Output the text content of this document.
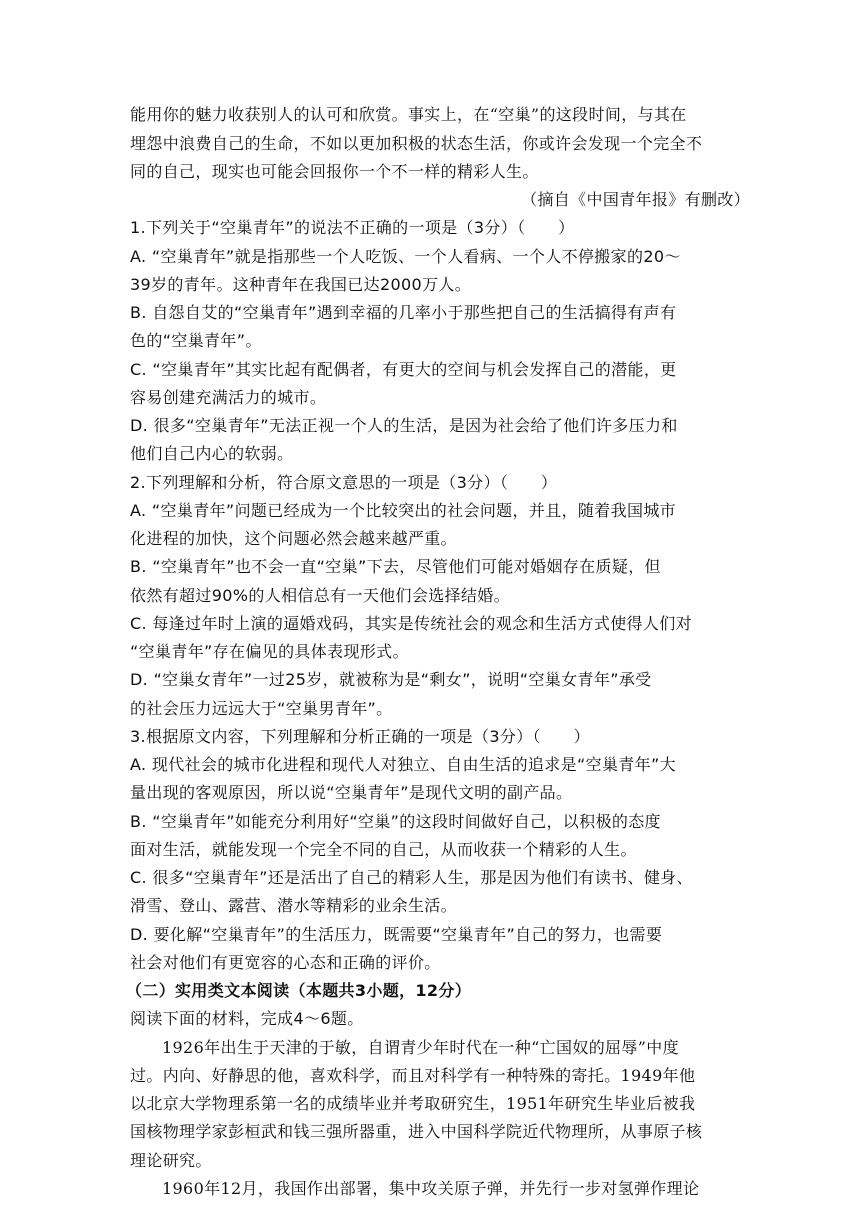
能用你的魅力收获别人的认可和欣赏。事实上，在“空巢”的这段时间，与其在
埋怨中浪费自己的生命，不如以更加积极的状态生活，你或许会发现一个完全不
同的自己，现实也可能会回报你一个不一样的精彩人生。
（摘自《中国青年报》有删改）
1.下列关于“空巢青年”的说法不正确的一项是（3分）（　　）
A. “空巢青年”就是指那些一个人吃饭、一个人看病、一个人不停搬家的20～
39岁的青年。这种青年在我国已达2000万人。
B. 自怨自艾的“空巢青年”遇到幸福的几率小于那些把自己的生活搞得有声有
色的“空巢青年”。
C. “空巢青年”其实比起有配偶者，有更大的空间与机会发挥自己的潜能，更
容易创建充满活力的城市。
D. 很多“空巢青年”无法正视一个人的生活，是因为社会给了他们许多压力和
他们自己内心的软弱。
2.下列理解和分析，符合原文意思的一项是（3分）（　　）
A. “空巢青年”问题已经成为一个比较突出的社会问题，并且，随着我国城市
化进程的加快，这个问题必然会越来越严重。
B. “空巢青年”也不会一直“空巢”下去，尽管他们可能对婚姻存在质疑，但
依然有超过90%的人相信总有一天他们会选择结婚。
C. 每逢过年时上演的逼婚戏码，其实是传统社会的观念和生活方式使得人们对
“空巢青年”存在偏见的具体表现形式。
D. “空巢女青年”一过25岁，就被称为是“剩女”，说明“空巢女青年”承受
的社会压力远远大于“空巢男青年”。
3.根据原文内容，下列理解和分析正确的一项是（3分）（　　）
A. 现代社会的城市化进程和现代人对独立、自由生活的追求是“空巢青年”大
量出现的客观原因，所以说“空巢青年”是现代文明的副产品。
B. “空巢青年”如能充分利用好“空巢”的这段时间做好自己，以积极的态度
面对生活，就能发现一个完全不同的自己，从而收获一个精彩的人生。
C. 很多“空巢青年”还是活出了自己的精彩人生，那是因为他们有读书、健身、
滑雪、登山、露营、潜水等精彩的业余生活。
D. 要化解“空巢青年”的生活压力，既需要“空巢青年”自己的努力，也需要
社会对他们有更宽容的心态和正确的评价。
（二）实用类文本阅读（本题共3小题，12分）
阅读下面的材料，完成4～6题。
1926年出生于天津的于敏，自谓青少年时代在一种“亡国奴的屈辱”中度
过。内向、好静思的他，喜欢科学，而且对科学有一种特殊的寄托。1949年他
以北京大学物理系第一名的成绩毕业并考取研究生，1951年研究生毕业后被我
国核物理学家彭桓武和钱三强所器重，进入中国科学院近代物理所，从事原子核
理论研究。
1960年12月，我国作出部署，集中攻关原子弹，并先行一步对氢弹作理论
